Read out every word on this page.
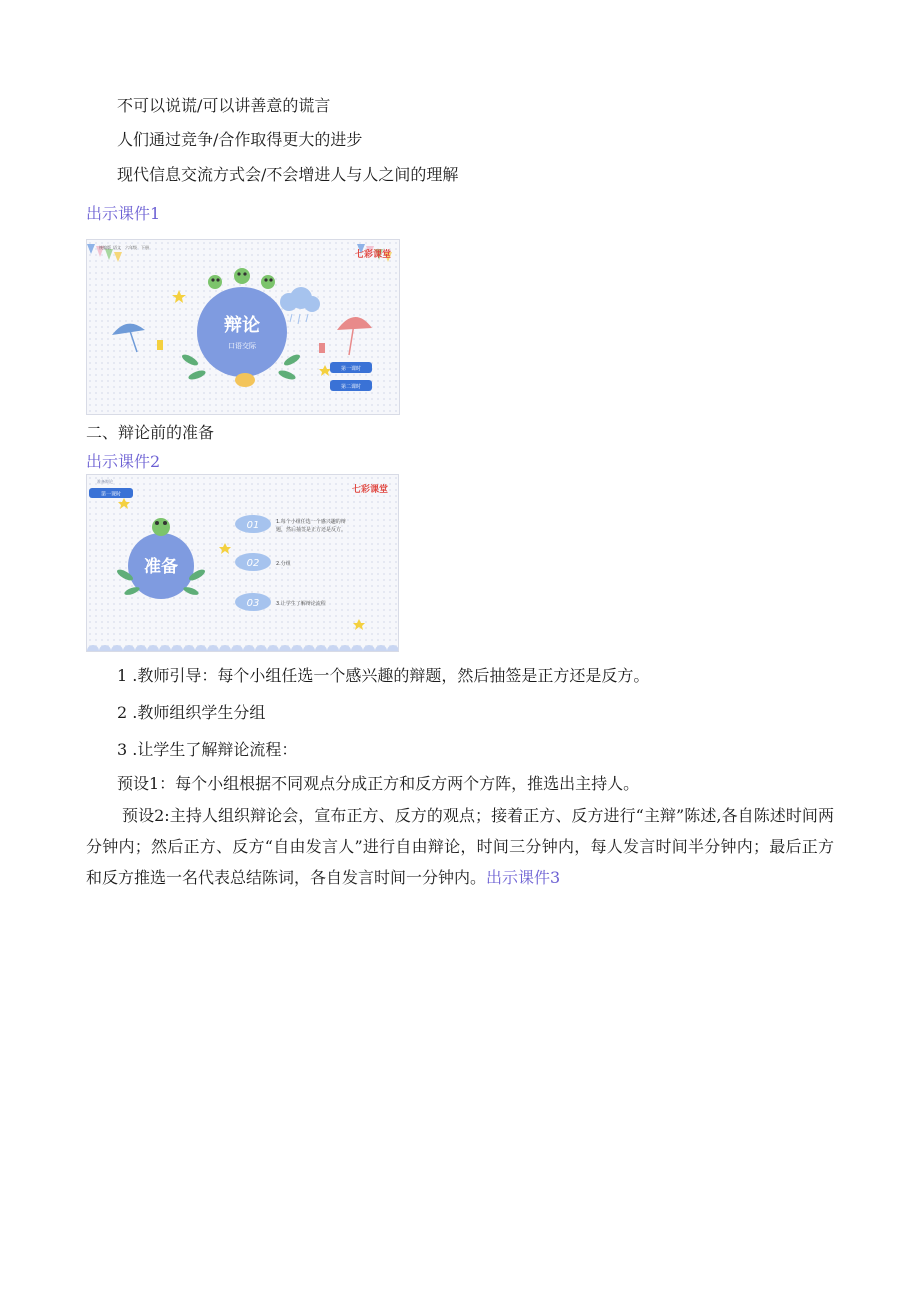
不可以说谎/可以讲善意的谎言
人们通过竞争/合作取得更大的进步
现代信息交流方式会/不会增进人与人之间的理解
出示课件1
统编版 语文 六年级 下册
七彩课堂
辩论
口语交际
第一课时
第二课时
二、辩论前的准备
出示课件2
第一课时
准备辩论
七彩课堂
准备
01	1.每个小组任选一个感兴趣的辩
题，然后抽签是正方还是反方。
02	2.分组
03	3.让学生了解辩论流程
1 .教师引导：每个小组任选一个感兴趣的辩题，然后抽签是正方还是反方。
2 .教师组织学生分组
3 .让学生了解辩论流程：
预设1：每个小组根据不同观点分成正方和反方两个方阵，推选出主持人。
预设2:主持人组织辩论会，宣布正方、反方的观点；接着正方、反方进行“主辩”陈述,各自陈述时间两分钟内；然后正方、反方“自由发言人”进行自由辩论，时间三分钟内，每人发言时间半分钟内；最后正方和反方推选一名代表总结陈词，各自发言时间一分钟内。出示课件3
